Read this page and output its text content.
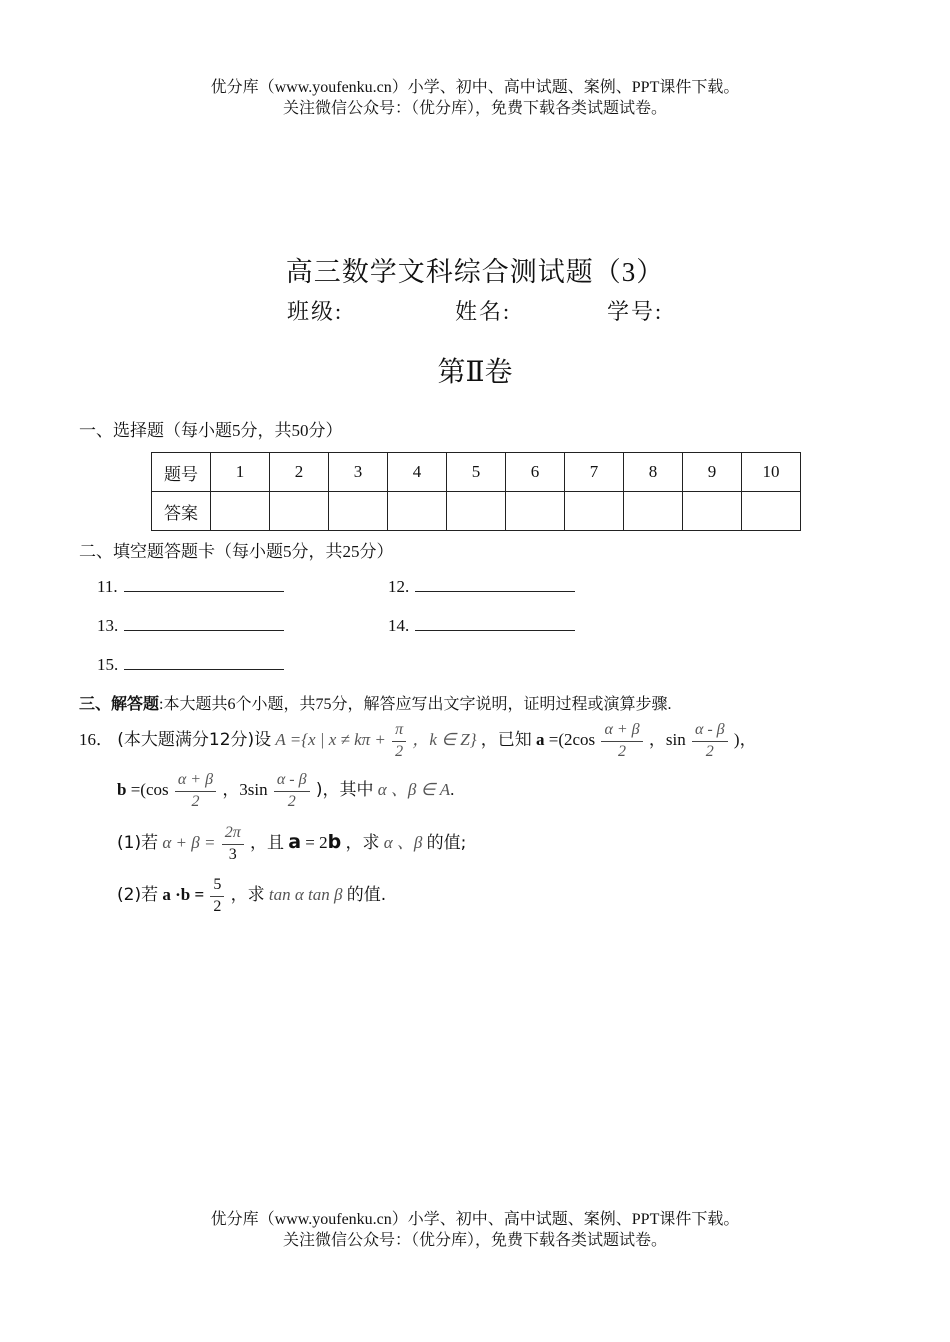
优分库（www.youfenku.cn）小学、初中、高中试题、案例、PPT课件下载。
关注微信公众号：（优分库），免费下载各类试题试卷。
高三数学文科综合测试题（3）
班级:	姓名:	学号:
第Ⅱ卷
一、选择题（每小题5分，共50分）
题号	1	2	3	4	5	6	7	8	9	10
答案										
二、填空题答题卡（每小题5分，共25分）
11.	12.
13.	14.
15.
三、解答题:本大题共6个小题，共75分，解答应写出文字说明，证明过程或演算步骤.
16． (本大题满分12分)设 A ={x | $x \ne k\pi + \frac{\pi}{2}$ ，k ∈ Z} ，已知 $a =(2\cos \frac{\alpha + \beta}{2}$ ，$\sin \frac{\alpha - \beta}{2}$ )，
$b =(\cos \frac{\alpha + \beta}{2}$ ，$3\sin \frac{\alpha - \beta}{2}$ )，其中 α 、β ∈ A.
(1)若 $\alpha + \beta = \frac{2\pi}{3}$ ，且 a = 2b ，求 α 、β 的值;
(2)若 $a \cdot b = \frac{5}{2}$ ，求 tan α tan β 的值.
优分库（www.youfenku.cn）小学、初中、高中试题、案例、PPT课件下载。
关注微信公众号：（优分库），免费下载各类试题试卷。
